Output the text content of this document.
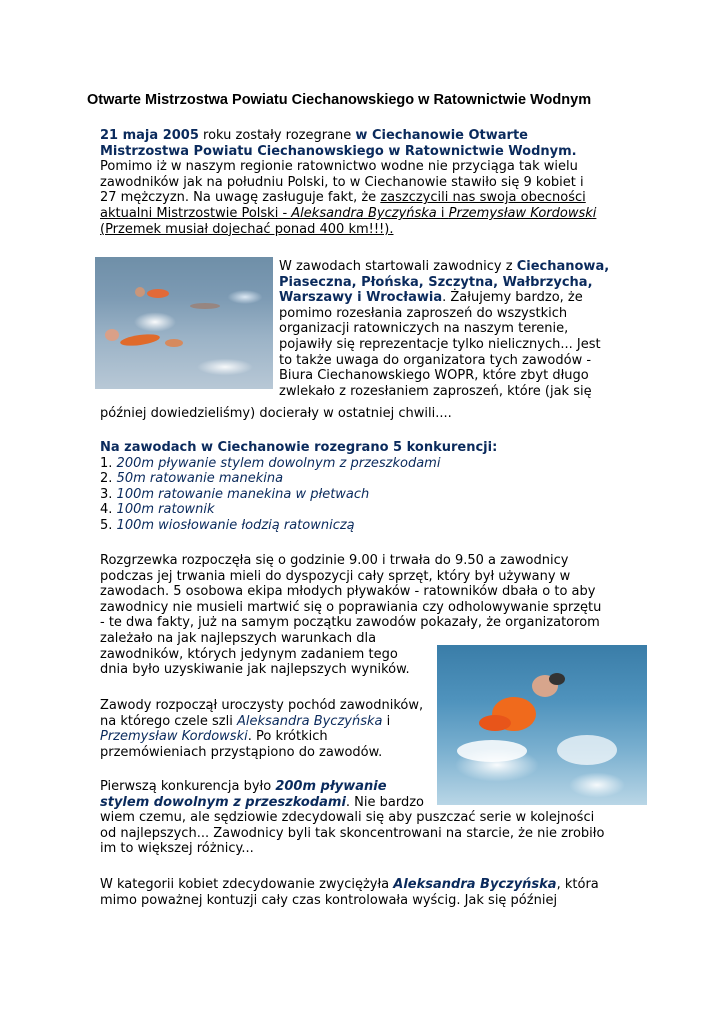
Otwarte Mistrzostwa Powiatu Ciechanowskiego w Ratownictwie Wodnym
21 maja 2005 roku zostały rozegrane w Ciechanowie Otwarte
Mistrzostwa Powiatu Ciechanowskiego w Ratownictwie Wodnym.
Pomimo iż w naszym regionie ratownictwo wodne nie przyciąga tak wielu
zawodników jak na południu Polski, to w Ciechanowie stawiło się 9 kobiet i
27 mężczyzn. Na uwagę zasługuje fakt, że zaszczycili nas swoja obecności
aktualni Mistrzostwie Polski - Aleksandra Byczyńska i Przemysław Kordowski
(Przemek musiał dojechać ponad 400 km!!!).
W zawodach startowali zawodnicy z Ciechanowa,
Piaseczna, Płońska, Szczytna, Wałbrzycha,
Warszawy i Wrocławia. Żałujemy bardzo, że
pomimo rozesłania zaproszeń do wszystkich
organizacji ratowniczych na naszym terenie,
pojawiły się reprezentacje tylko nielicznych... Jest
to także uwaga do organizatora tych zawodów -
Biura Ciechanowskiego WOPR, które zbyt długo
zwlekało z rozesłaniem zaproszeń, które (jak się
później dowiedzieliśmy) docierały w ostatniej chwili....
Na zawodach w Ciechanowie rozegrano 5 konkurencji:
1. 200m pływanie stylem dowolnym z przeszkodami
2. 50m ratowanie manekina
3. 100m ratowanie manekina w płetwach
4. 100m ratownik
5. 100m wiosłowanie łodzią ratowniczą
Rozgrzewka rozpoczęła się o godzinie 9.00 i trwała do 9.50 a zawodnicy
podczas jej trwania mieli do dyspozycji cały sprzęt, który był używany w
zawodach. 5 osobowa ekipa młodych pływaków - ratowników dbała o to aby
zawodnicy nie musieli martwić się o poprawiania czy odholowywanie sprzętu
- te dwa fakty, już na samym początku zawodów pokazały, że organizatorom
zależało na jak najlepszych warunkach dla
zawodników, których jedynym zadaniem tego
dnia było uzyskiwanie jak najlepszych wyników.
Zawody rozpoczął uroczysty pochód zawodników,
na którego czele szli Aleksandra Byczyńska i
Przemysław Kordowski. Po krótkich
przemówieniach przystąpiono do zawodów.
Pierwszą konkurencja było 200m pływanie
stylem dowolnym z przeszkodami. Nie bardzo
wiem czemu, ale sędziowie zdecydowali się aby puszczać serie w kolejności
od najlepszych... Zawodnicy byli tak skoncentrowani na starcie, że nie zrobiło
im to większej różnicy...
W kategorii kobiet zdecydowanie zwyciężyła Aleksandra Byczyńska, która
mimo poważnej kontuzji cały czas kontrolowała wyścig. Jak się później
